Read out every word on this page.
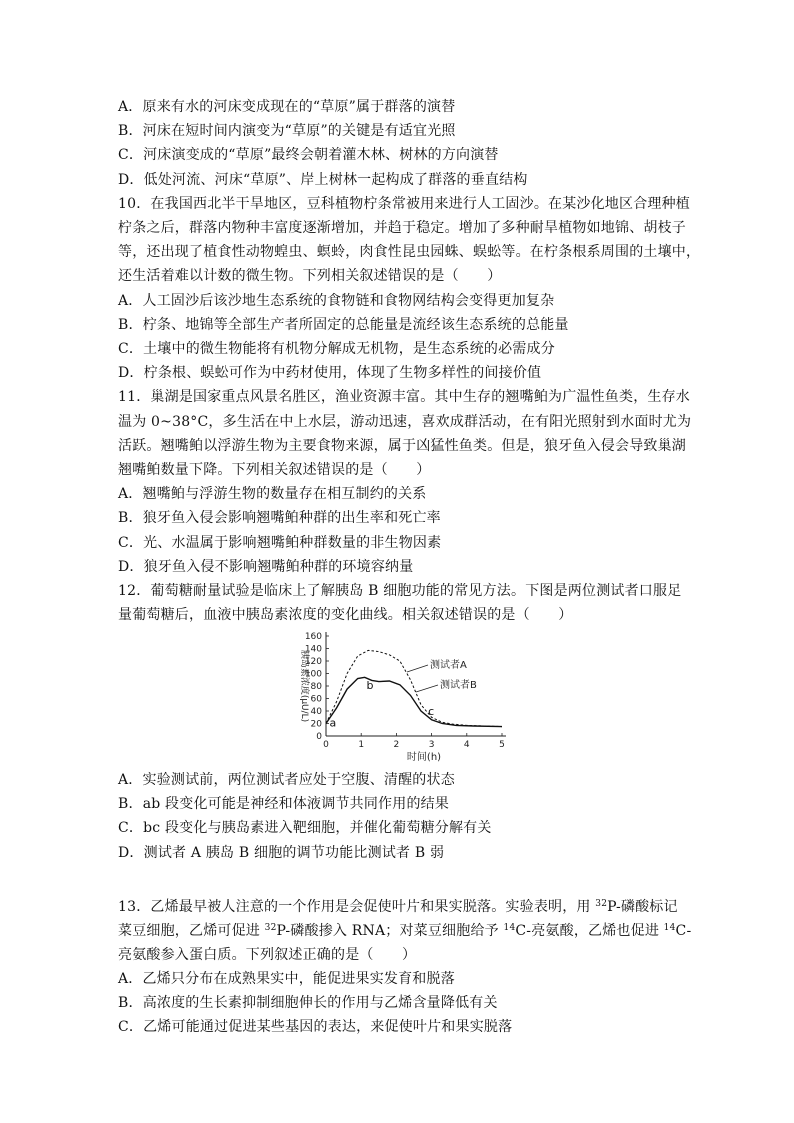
A．原来有水的河床变成现在的“草原”属于群落的演替
B．河床在短时间内演变为“草原”的关键是有适宜光照
C．河床演变成的“草原”最终会朝着灌木林、树林的方向演替
D．低处河流、河床“草原”、岸上树林一起构成了群落的垂直结构
10．在我国西北半干旱地区，豆科植物柠条常被用来进行人工固沙。在某沙化地区合理种植
柠条之后，群落内物种丰富度逐渐增加，并趋于稳定。增加了多种耐旱植物如地锦、胡枝子
等，还出现了植食性动物蝗虫、螟蛉，肉食性昆虫园蛛、蜈蚣等。在柠条根系周围的土壤中，
还生活着难以计数的微生物。下列相关叙述错误的是（　　）
A．人工固沙后该沙地生态系统的食物链和食物网结构会变得更加复杂
B．柠条、地锦等全部生产者所固定的总能量是流经该生态系统的总能量
C．土壤中的微生物能将有机物分解成无机物，是生态系统的必需成分
D．柠条根、蜈蚣可作为中药材使用，体现了生物多样性的间接价值
11．巢湖是国家重点风景名胜区，渔业资源丰富。其中生存的翘嘴鲌为广温性鱼类，生存水
温为 0~38°C，多生活在中上水层，游动迅速，喜欢成群活动，在有阳光照射到水面时尤为
活跃。翘嘴鲌以浮游生物为主要食物来源，属于凶猛性鱼类。但是，狼牙鱼入侵会导致巢湖
翘嘴鲌数量下降。下列相关叙述错误的是（　　）
A．翘嘴鲌与浮游生物的数量存在相互制约的关系
B．狼牙鱼入侵会影响翘嘴鲌种群的出生率和死亡率
C．光、水温属于影响翘嘴鲌种群数量的非生物因素
D．狼牙鱼入侵不影响翘嘴鲌种群的环境容纳量
12．葡萄糖耐量试验是临床上了解胰岛 B 细胞功能的常见方法。下图是两位测试者口服足
量葡萄糖后，血液中胰岛素浓度的变化曲线。相关叙述错误的是（　　）
0
20
40
60
80
100
120
140
160
0	1	2	3	4	5
时间(h)
胰岛素浓度(μU/L)	测试者A
测试者B
a
b
c
A．实验测试前，两位测试者应处于空腹、清醒的状态
B．ab 段变化可能是神经和体液调节共同作用的结果
C．bc 段变化与胰岛素进入靶细胞，并催化葡萄糖分解有关
D．测试者 A 胰岛 B 细胞的调节功能比测试者 B 弱
13．乙烯最早被人注意的一个作用是会促使叶片和果实脱落。实验表明，用 $^{32}$P-磷酸标记
菜豆细胞，乙烯可促进 $^{32}$P-磷酸掺入 RNA；对菜豆细胞给予 $^{14}$C-亮氨酸，乙烯也促进 $^{14}$C-
亮氨酸参入蛋白质。下列叙述正确的是（　　）
A．乙烯只分布在成熟果实中，能促进果实发育和脱落
B．高浓度的生长素抑制细胞伸长的作用与乙烯含量降低有关
C．乙烯可能通过促进某些基因的表达，来促使叶片和果实脱落
